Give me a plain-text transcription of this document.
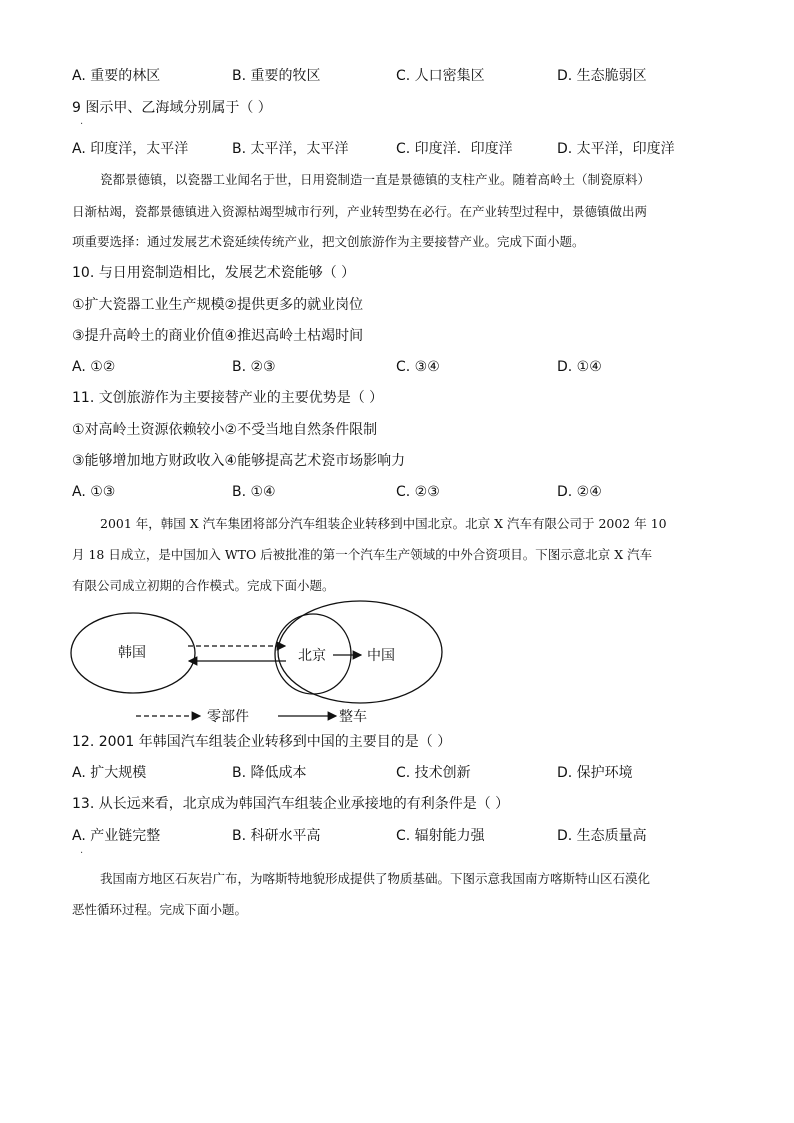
A. 重要的林区	B. 重要的牧区	C. 人口密集区	D. 生态脆弱区
9 图示甲、乙海域分别属于（ ）
.
A. 印度洋，太平洋	B. 太平洋，太平洋	C. 印度洋．印度洋	D. 太平洋，印度洋
瓷都景德镇，以瓷器工业闻名于世，日用瓷制造一直是景德镇的支柱产业。随着高岭土（制瓷原料）
日渐枯竭，瓷都景德镇进入资源枯竭型城市行列，产业转型势在必行。在产业转型过程中，景德镇做出两
项重要选择：通过发展艺术瓷延续传统产业，把文创旅游作为主要接替产业。完成下面小题。
10. 与日用瓷制造相比，发展艺术瓷能够（ ）
①扩大瓷器工业生产规模②提供更多的就业岗位
③提升高岭土的商业价值④推迟高岭土枯竭时间
A. ①②	B. ②③	C. ③④	D. ①④
11. 文创旅游作为主要接替产业的主要优势是（ ）
①对高岭土资源依赖较小②不受当地自然条件限制
③能够增加地方财政收入④能够提高艺术瓷市场影响力
A. ①③	B. ①④	C. ②③	D. ②④
2001 年，韩国 X 汽车集团将部分汽车组装企业转移到中国北京。北京 X 汽车有限公司于 2002 年 10
月 18 日成立，是中国加入 WTO 后被批准的第一个汽车生产领域的中外合资项目。下图示意北京 X 汽车
有限公司成立初期的合作模式。完成下面小题。
韩国	北京	中国
零部件	整车
12. 2001 年韩国汽车组装企业转移到中国的主要目的是（ ）
A. 扩大规模	B. 降低成本	C. 技术创新	D. 保护环境
13. 从长远来看，北京成为韩国汽车组装企业承接地的有利条件是（ ）
A. 产业链完整	B. 科研水平高	C. 辐射能力强	D. 生态质量高
.
我国南方地区石灰岩广布，为喀斯特地貌形成提供了物质基础。下图示意我国南方喀斯特山区石漠化
恶性循环过程。完成下面小题。
